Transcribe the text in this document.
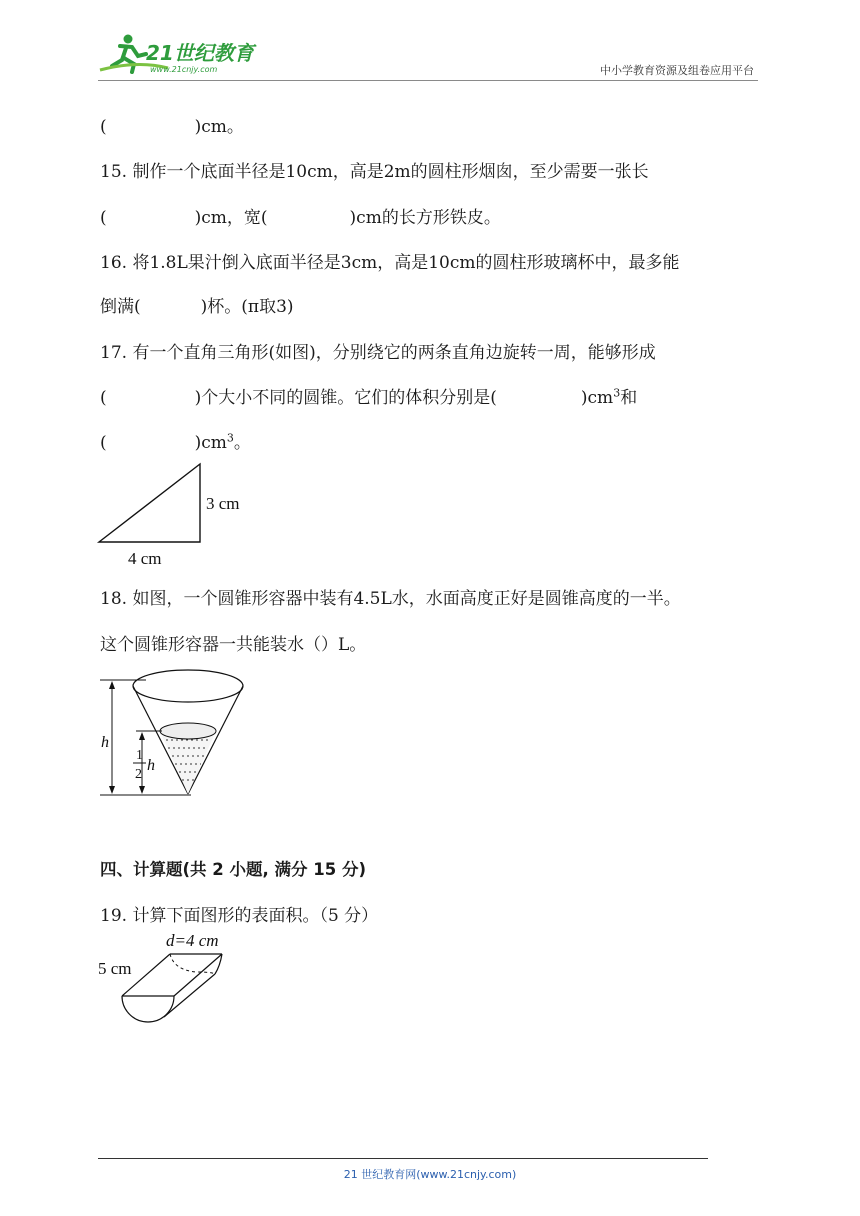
21世纪教育
www.21cnjy.com	中小学教育资源及组卷应用平台
(	)cm。
15. 制作一个底面半径是10cm，高是2m的圆柱形烟囱，至少需要一张长
(	)cm，宽(	)cm的长方形铁皮。
16. 将1.8L果汁倒入底面半径是3cm，高是10cm的圆柱形玻璃杯中，最多能
倒满(	)杯。(π取3)
17. 有一个直角三角形(如图)，分别绕它的两条直角边旋转一周，能够形成
(	)个大小不同的圆锥。它们的体积分别是(	)$cm^3$和
(	)$cm^3$。
3 cm
4 cm
18. 如图，一个圆锥形容器中装有4.5L水，水面高度正好是圆锥高度的一半。
这个圆锥形容器一共能装水（）L。
h
1
2
h
四、计算题(共 2 小题, 满分 15 分)
19. 计算下面图形的表面积。（5 分）
d=4 cm
5 cm
21 世纪教育网(www.21cnjy.com)
